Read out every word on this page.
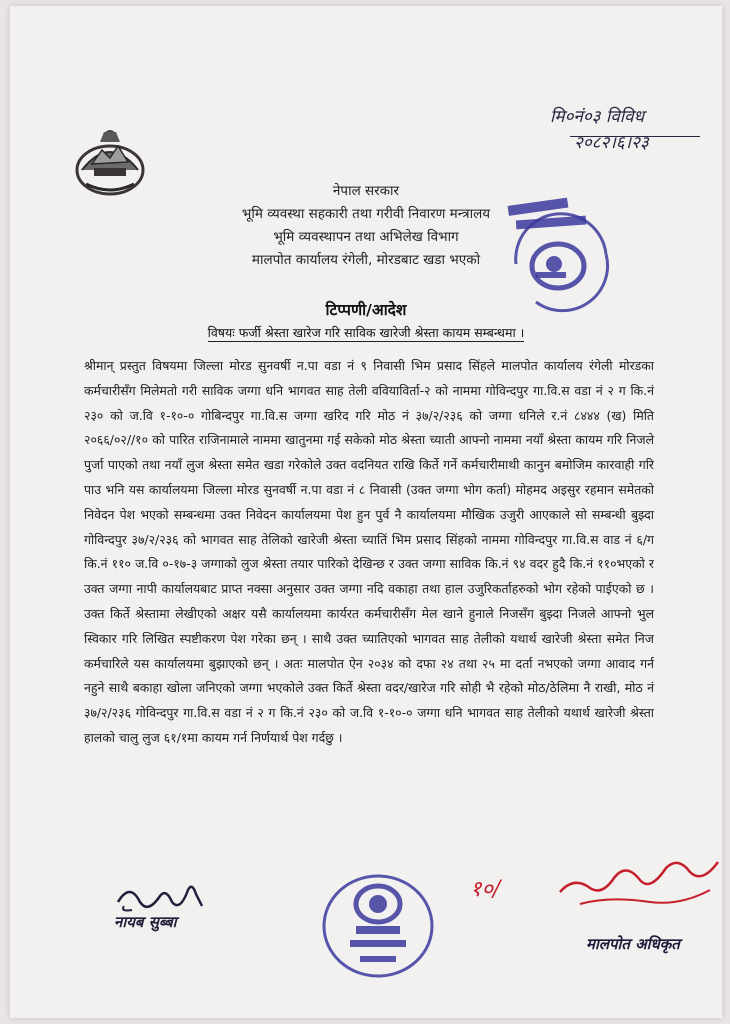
मि०नं०३ विविध
२०८२।६।२३
नेपाल सरकार
भूमि व्यवस्था सहकारी तथा गरीवी निवारण मन्त्रालय
भूमि व्यवस्थापन तथा अभिलेख विभाग
मालपोत कार्यालय रंगेली, मोरडबाट खडा भएको
टिप्पणी/आदेश
विषयः फर्जी श्रेस्ता खारेज गरि साविक खारेजी श्रेस्ता कायम सम्बन्धमा ।
श्रीमान् प्रस्तुत विषयमा जिल्ला मोरड सुनवर्षी न.पा वडा नं ९ निवासी भिम प्रसाद सिंहले मालपोत कार्यालय रंगेली मोरडका कर्मचारीसँग मिलेमतो गरी साविक जग्गा धनि भागवत साह तेली ववियाविर्ता-२ को नाममा गोविन्दपुर गा.वि.स वडा नं २ ग कि.नं २३० को ज.वि १-१०-० गोबिन्दपुर गा.वि.स जग्गा खरिद गरि मोठ नं ३७/२/२३६ को जग्गा धनिले र.नं ८४४४ (ख) मिति २०६६/०२//१० को पारित राजिनामाले नाममा खातुनमा गई सकेको मोठ श्रेस्ता च्याती आफ्नो नाममा नयाँ श्रेस्ता कायम गरि निजले पुर्जा पाएको तथा नयाँ लुज श्रेस्ता समेत खडा गरेकोले उक्त वदनियत राखि किर्ते गर्ने कर्मचारीमाथी कानुन बमोजिम कारवाही गरि पाउ भनि यस कार्यालयमा जिल्ला मोरड सुनवर्षी न.पा वडा नं ८ निवासी (उक्त जग्गा भोग कर्ता) मोहमद अइसुर रहमान समेतको निवेदन पेश भएको सम्बन्धमा उक्त निवेदन कार्यालयमा पेश हुन पुर्व नै कार्यालयमा मौखिक उजुरी आएकाले सो सम्बन्धी बुझ्दा गोविन्दपुर ३७/२/२३६ को भागवत साह तेलिको खारेजी श्रेस्ता च्यातिं भिम प्रसाद सिंहको नाममा गोविन्दपुर गा.वि.स वाड नं ६/ग कि.नं ११० ज.वि ०-१७-३ जग्गाको लुज श्रेस्ता तयार पारिको देखिन्छ र उक्त जग्गा साविक कि.नं ९४ वदर हुदै कि.नं ११०भएको र उक्त जग्गा नापी कार्यालयबाट प्राप्त नक्सा अनुसार उक्त जग्गा नदि वकाहा तथा हाल उजुरिकर्ताहरुको भोग रहेको पाईएको छ । उक्त किर्ते श्रेस्तामा लेखीएको अक्षर यसै कार्यालयमा कार्यरत कर्मचारीसँग मेल खाने हुनाले निजसँग बुझ्दा निजले आफ्नो भुल स्विकार गरि लिखित स्पष्टीकरण पेश गरेका छन् । साथै उक्त च्यातिएको भागवत साह तेलीको यथार्थ खारेजी श्रेस्ता समेत निज कर्मचारिले यस कार्यालयमा बुझाएको छन् । अतः मालपोत ऐन २०३४ को दफा २४ तथा २५ मा दर्ता नभएको जग्गा आवाद गर्न नहुने साथै बकाहा खोला जनिएको जग्गा भएकोले उक्त किर्ते श्रेस्ता वदर/खारेज गरि सोही भै रहेको मोठ/ठेलिमा नै राखी, मोठ नं ३७/२/२३६ गोविन्दपुर गा.वि.स वडा नं २ ग कि.नं २३० को ज.वि १-१०-० जग्गा धनि भागवत साह तेलीको यथार्थ खारेजी श्रेस्ता हालको चालु लुज ६१/१मा कायम गर्न निर्णयार्थ पेश गर्दछु ।
नायब सुब्बा
१०/
मालपोत अधिकृत
